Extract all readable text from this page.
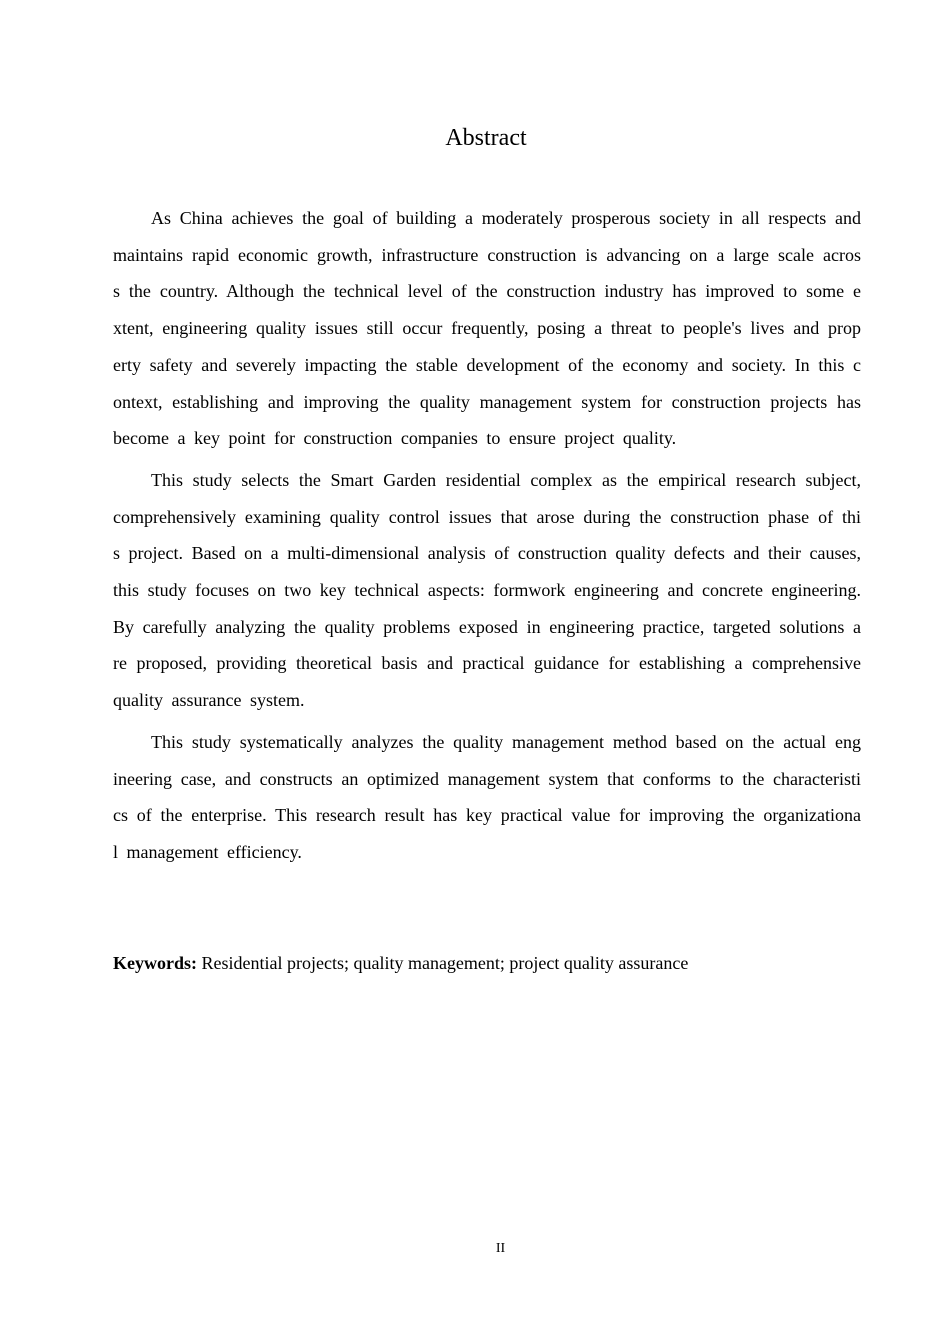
Abstract

As China achieves the goal of building a moderately prosperous society in all respects and maintains rapid economic growth, infrastructure construction is advancing on a large scale across the country. Although the technical level of the construction industry has improved to some extent, engineering quality issues still occur frequently, posing a threat to people's lives and property safety and severely impacting the stable development of the economy and society. In this context, establishing and improving the quality management system for construction projects has become a key point for construction companies to ensure project quality.

This study selects the Smart Garden residential complex as the empirical research subject, comprehensively examining quality control issues that arose during the construction phase of this project. Based on a multi-dimensional analysis of construction quality defects and their causes, this study focuses on two key technical aspects: formwork engineering and concrete engineering. By carefully analyzing the quality problems exposed in engineering practice, targeted solutions are proposed, providing theoretical basis and practical guidance for establishing a comprehensive quality assurance system.

This study systematically analyzes the quality management method based on the actual engineering case, and constructs an optimized management system that conforms to the characteristics of the enterprise. This research result has key practical value for improving the organizational management efficiency.

Keywords: Residential projects; quality management; project quality assurance

II
